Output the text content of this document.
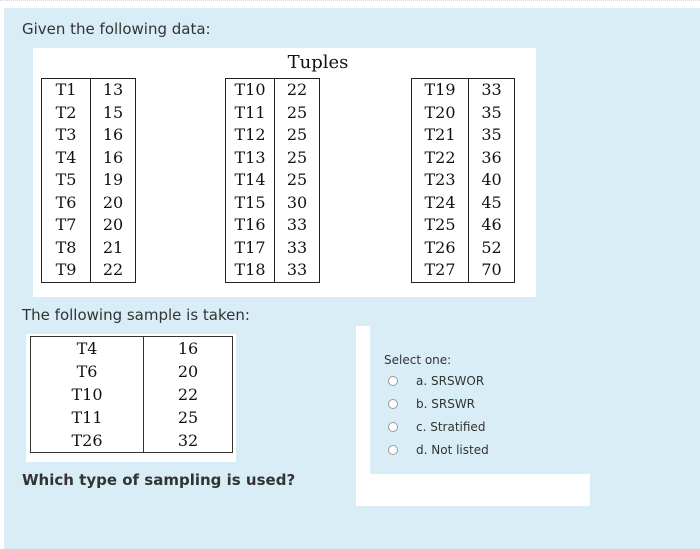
Given the following data:
Tuples
T1	13
T2	15
T3	16
T4	16
T5	19
T6	20
T7	20
T8	21
T9	22
T10	22
T11	25
T12	25
T13	25
T14	25
T15	30
T16	33
T17	33
T18	33
T19	33
T20	35
T21	35
T22	36
T23	40
T24	45
T25	46
T26	52
T27	70
The following sample is taken:
T4	16
T6	20
T10	22
T11	25
T26	32
Which type of sampling is used?
Select one:
a. SRSWOR
b. SRSWR
c. Stratified
d. Not listed
